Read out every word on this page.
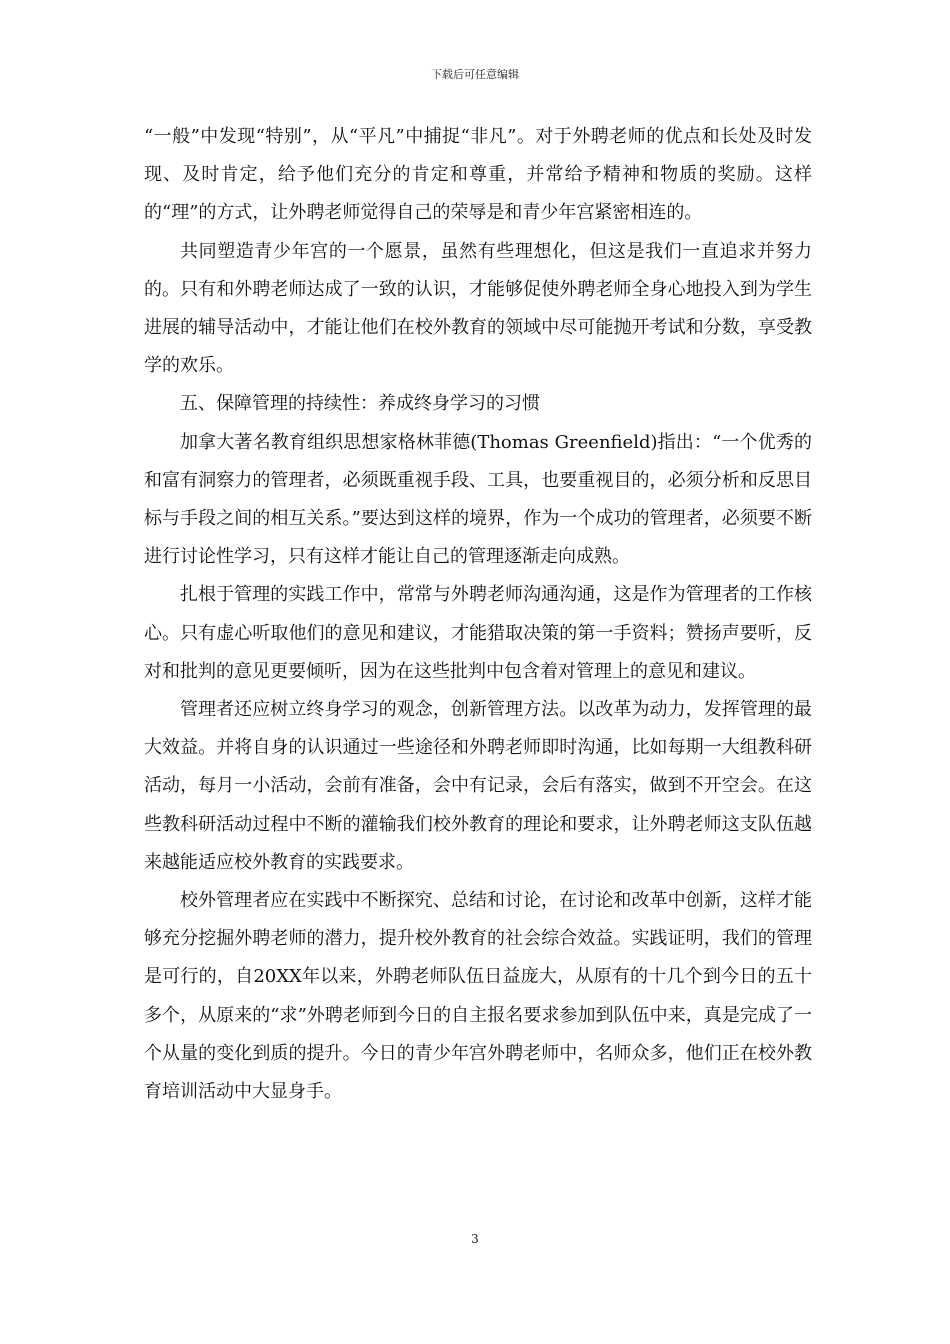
下载后可任意编辑

“一般”中发现“特别”，从“平凡”中捕捉“非凡”。对于外聘老师的优点和长处及时发现、及时肯定，给予他们充分的肯定和尊重，并常给予精神和物质的奖励。这样的“理”的方式，让外聘老师觉得自己的荣辱是和青少年宫紧密相连的。

共同塑造青少年宫的一个愿景，虽然有些理想化，但这是我们一直追求并努力的。只有和外聘老师达成了一致的认识，才能够促使外聘老师全身心地投入到为学生进展的辅导活动中，才能让他们在校外教育的领域中尽可能抛开考试和分数，享受教学的欢乐。

五、保障管理的持续性：养成终身学习的习惯

加拿大著名教育组织思想家格林菲德(Thomas Greenfield)指出：“一个优秀的和富有洞察力的管理者，必须既重视手段、工具，也要重视目的，必须分析和反思目标与手段之间的相互关系。”要达到这样的境界，作为一个成功的管理者，必须要不断进行讨论性学习，只有这样才能让自己的管理逐渐走向成熟。

扎根于管理的实践工作中，常常与外聘老师沟通沟通，这是作为管理者的工作核心。只有虚心听取他们的意见和建议，才能猎取决策的第一手资料；赞扬声要听，反对和批判的意见更要倾听，因为在这些批判中包含着对管理上的意见和建议。

管理者还应树立终身学习的观念，创新管理方法。以改革为动力，发挥管理的最大效益。并将自身的认识通过一些途径和外聘老师即时沟通，比如每期一大组教科研活动，每月一小活动，会前有准备，会中有记录，会后有落实，做到不开空会。在这些教科研活动过程中不断的灌输我们校外教育的理论和要求，让外聘老师这支队伍越来越能适应校外教育的实践要求。

校外管理者应在实践中不断探究、总结和讨论，在讨论和改革中创新，这样才能够充分挖掘外聘老师的潜力，提升校外教育的社会综合效益。实践证明，我们的管理是可行的，自20XX年以来，外聘老师队伍日益庞大，从原有的十几个到今日的五十多个，从原来的“求”外聘老师到今日的自主报名要求参加到队伍中来，真是完成了一个从量的变化到质的提升。今日的青少年宫外聘老师中，名师众多，他们正在校外教育培训活动中大显身手。

3
